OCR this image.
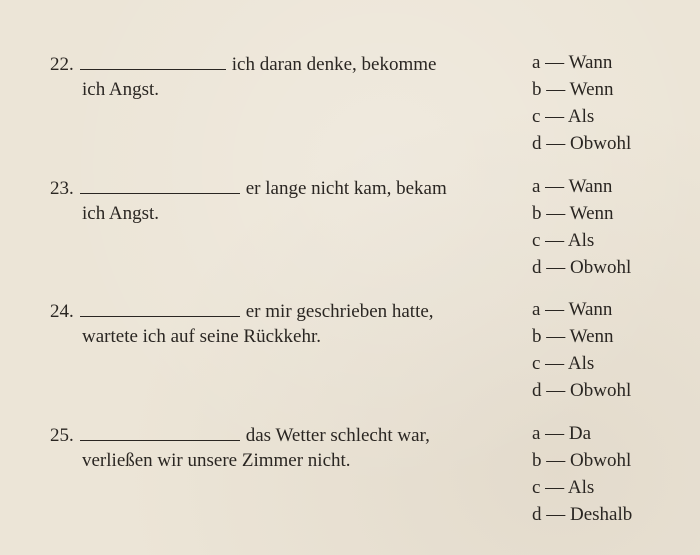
22.	ich daran denke, bekomme
ich Angst.
a — Wann
b — Wenn
c — Als
d — Obwohl
23.	er lange nicht kam, bekam
ich Angst.
a — Wann
b — Wenn
c — Als
d — Obwohl
24.	er mir geschrieben hatte,
wartete ich auf seine Rückkehr.
a — Wann
b — Wenn
c — Als
d — Obwohl
25.	das Wetter schlecht war,
verließen wir unsere Zimmer nicht.
a — Da
b — Obwohl
c — Als
d — Deshalb
